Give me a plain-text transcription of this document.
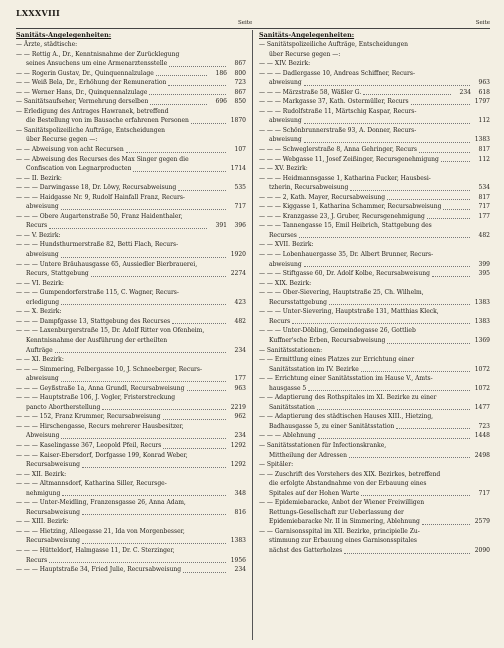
LXXXVIII
Seite	Seite
Sanitäts-Angelegenheiten:
— Ärzte, städtische:
— — Rettig A., Dr., Kenntnisnahme der Zurücklegung
seines Ansuchens um eine Armenarztensstelle	867
— — Rogerin Gustav, Dr., Quinquennalzulage	186	800
— — Weiß Bela, Dr., Erhöhung der Remuneration	723
— — Werner Hans, Dr., Quinquennalzulage	867
— Sanitätsaufseher, Vermehrung derselben	696	850
— Erledigung des Antrages Hawranek, betreffend
die Bestellung von im Bausache erfahrenen Personen	1870
— Sanitätspolizeiliche Aufträge, Entscheidungen
über Recurse gegen —:
— — Abweisung von acht Recursen	107
— — Abweisung des Recurses des Max Singer gegen die
Confiscation von Legnarproducten	1714
— — II. Bezirk:
— — — Darwingasse 18, Dr. Löwy, Recursabweisung	535
— — — Haidgasse Nr. 9, Rudolf Hainfall Franz, Recurs-
abweisung	717
— — — Obere Augartenstraße 50, Franz Haidenthaler,
Recurs	391	396
— — V. Bezirk:
— — — Hundsthurmerstraße 82, Betti Flach, Recurs-
abweisung	1920
— — — Untere Bräuhausgasse 65, Aussiedler Bierbrauerei,
Recurs, Stattgebung	2274
— — VI. Bezirk:
— — — Gumpendorferstraße 115, C. Wagner, Recurs-
erledigung	423
— — X. Bezirk:
— — — Dampfgasse 13, Stattgebung des Recurses	482
— — — Laxenburgerstraße 15, Dr. Adolf Ritter von Ofenheim,
Kenntnisnahme der Ausführung der ertheilten
Aufträge	234
— — XI. Bezirk:
— — — Simmering, Felbergasse 10, J. Schneeberger, Recurs-
abweisung	177
— — — Geyßstraße 1a, Anna Grundl, Recursabweisung	963
— — — Hauptstraße 106, J. Vogler, Fristerstreckung
pancto Abortherstellung	2219
— — — 152, Franz Krummer, Recursabweisung	962
— — — Hirschengasse, Recurs mehrerer Hausbesitzer,
Abweisung	234
— — — Kaselingasse 367, Leopold Pfeil, Recurs	1292
— — — Kaiser-Ebersdorf, Dorfgasse 199, Konrad Weber,
Recursabweisung	1292
— — XII. Bezirk:
— — — Altmannsdorf, Katharina Siller, Recursge-
nehmigung	348
— — — Unter-Meidling, Franzensgasse 26, Anna Adam,
Recursabweisung	816
— — XIII. Bezirk:
— — — Hietzing, Alleegasse 21, Ida von Morgenbesser,
Recursabweisung	1383
— — — Hütteldorf, Halmgasse 11, Dr. C. Sterzinger,
Recurs	1956
— — — Hauptstraße 34, Fried Julie, Recursabweisung	234
Sanitäts-Angelegenheiten:
— Sanitätspolizeiliche Aufträge, Entscheidungen
über Recurse gegen —:
— — XIV. Bezirk:
— — — Dadlergasse 10, Andreas Schiffner, Recurs-
abweisung	963
— — — Märzstraße 58, Wäßler G.	234	618
— — — Markgasse 37, Kath. Ostermüller, Recurs	1797
— — — Rudolfstraße 11, Märtschig Kaspar, Recurs-
abweisung	112
— — — Schönbrunnerstraße 93, A. Donner, Recurs-
abweisung	1383
— — — Schweglerstraße 8, Anna Gehringer, Recurs	817
— — — Webgasse 11, Josef Zeißinger, Recursgenehmigung	112
— — XV. Bezirk:
— — — Heidmannsgasse 1, Katharina Fucker, Hausbesi-
tzherin, Recursabweisung	534
— — — 2, Kath. Mayer, Recursabweisung	817
— — — Kiggasse 1, Katharina Schammer, Recursabweisung	717
— — — Kranzgasse 23, J. Gruber, Recursgenehmigung	177
— — — Tannengasse 15, Emil Heibrich, Stattgebung des
Recurses	482
— — XVII. Bezirk:
— — — Lobenhauergasse 35, Dr. Albert Brunner, Recurs-
abweisung	399
— — — Stiftgasse 60, Dr. Adolf Kolbe, Recursabweisung	395
— — XIX. Bezirk:
— — — Ober-Sievering, Hauptstraße 25, Ch. Wilhelm,
Recursstattgebung	1383
— — — Unter-Sievering, Hauptstraße 131, Matthias Kleck,
Recurs	1383
— — — Unter-Döbling, Gemeindegasse 26, Gottlieb
Kuffner'sche Erben, Recursabweisung	1369
— Sanitätsstationen:
— — Ermittlung eines Platzes zur Errichtung einer
Sanitätsstation im IV. Bezirke	1072
— — Errichtung einer Sanitätsstation im Hause V., Amts-
hausgasse 5	1072
— — Adaptierung des Rothspitales im XI. Bezirke zu einer
Sanitätsstation	1477
— — Adaptierung des städtischen Hauses XIII., Hietzing,
Badhausgasse 5, zu einer Sanitätsstation	723
— — — Ablehnung	1448
— Sanitätsstationen für Infectionskranke,
Mittheilung der Adressen	2498
— Spitäler:
— — Zuschrift des Vorstehers des XIX. Bezirkes, betreffend
die erfolgte Abstandnahme von der Erbauung eines
Spitales auf der Hohen Warte	717
— — Epidemiebaracke, Anbot der Wiener Freiwilligen
Rettungs-Gesellschaft zur Ueberlassung der
Epidemiebaracke Nr. II in Simmering, Ablehnung	2579
— — Garnisonsspital im XII. Bezirke, principielle Zu-
stimmung zur Erbauung eines Garnisonsspitales
nächst des Gatterholzes	2090
